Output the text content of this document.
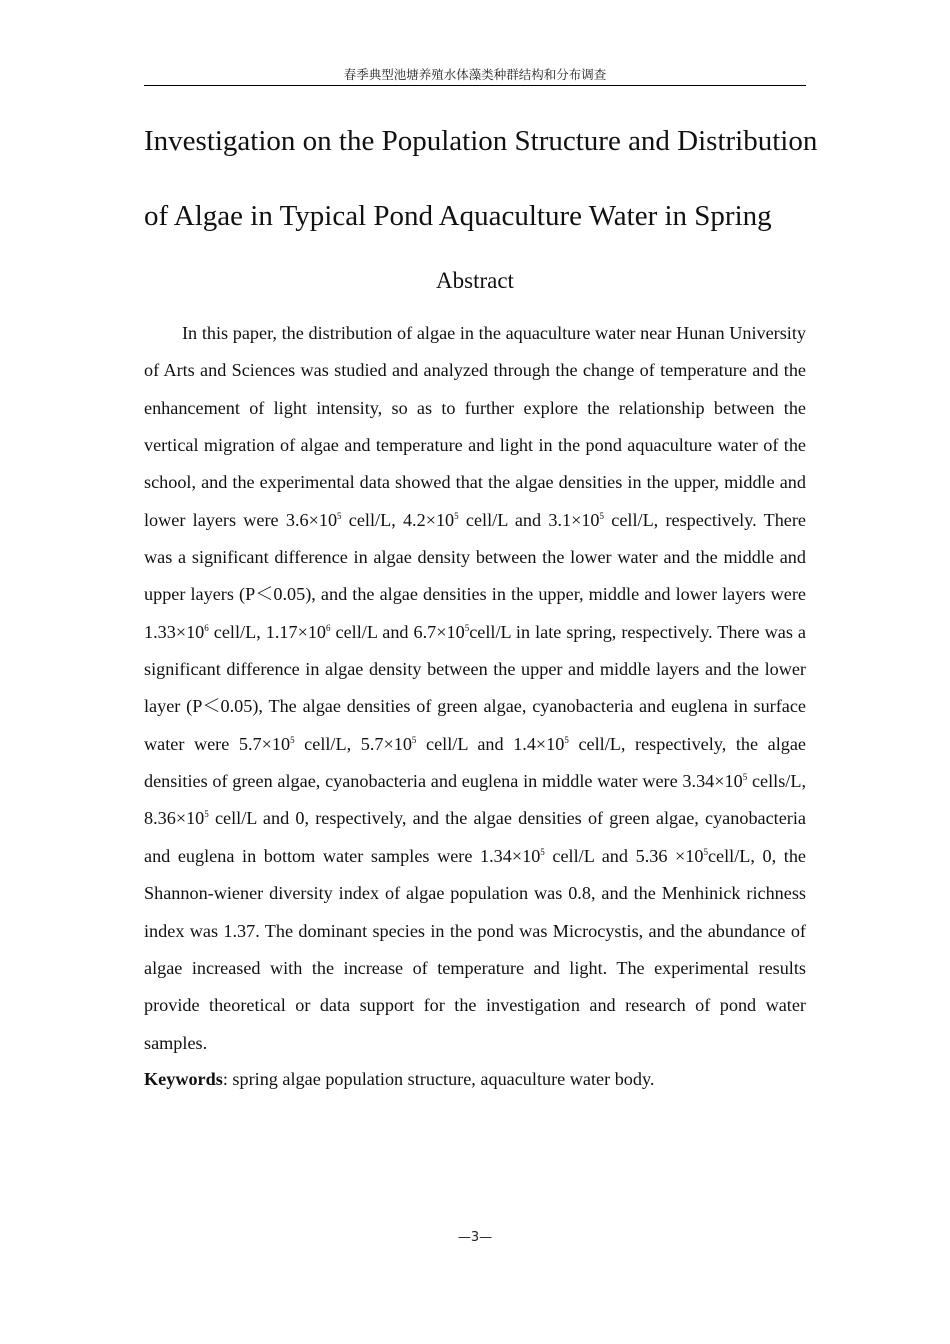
春季典型池塘养殖水体藻类种群结构和分布调查
Investigation on the Population Structure and Distribution
of Algae in Typical Pond Aquaculture Water in Spring
Abstract

In this paper, the distribution of algae in the aquaculture water near Hunan University of Arts and Sciences was studied and analyzed through the change of temperature and the enhancement of light intensity, so as to further explore the relationship between the vertical migration of algae and temperature and light in the pond aquaculture water of the school, and the experimental data showed that the algae densities in the upper, middle and lower layers were $3.6\times 10^5$ cell/L, $4.2\times 10^5$ cell/L and $3.1\times 10^5$ cell/L, respectively. There was a significant difference in algae density between the lower water and the middle and upper layers (P＜0.05), and the algae densities in the upper, middle and lower layers were $1.33\times 10^6$ cell/L, $1.17\times 10^6$ cell/L and $6.7\times 10^5cell/L$ in late spring, respectively. There was a significant difference in algae density between the upper and middle layers and the lower layer (P＜0.05), The algae densities of green algae, cyanobacteria and euglena in surface water were $5.7\times 10^5$ cell/L, $5.7\times 10^5$ cell/L and $1.4\times 10^5$ cell/L, respectively, the algae densities of green algae, cyanobacteria and euglena in middle water were $3.34\times 10^5$ cells/L, $8.36\times 10^5$ cell/L and 0, respectively, and the algae densities of green algae, cyanobacteria and euglena in bottom water samples were $1.34\times 10^5$ cell/L and $5.36 \times 10^5cell/L$, 0, the Shannon-wiener diversity index of algae population was 0.8, and the Menhinick richness index was 1.37. The dominant species in the pond was Microcystis, and the abundance of algae increased with the increase of temperature and light. The experimental results provide theoretical or data support for the investigation and research of pond water samples.

Keywords: spring algae population structure, aquaculture water body.

—3—
